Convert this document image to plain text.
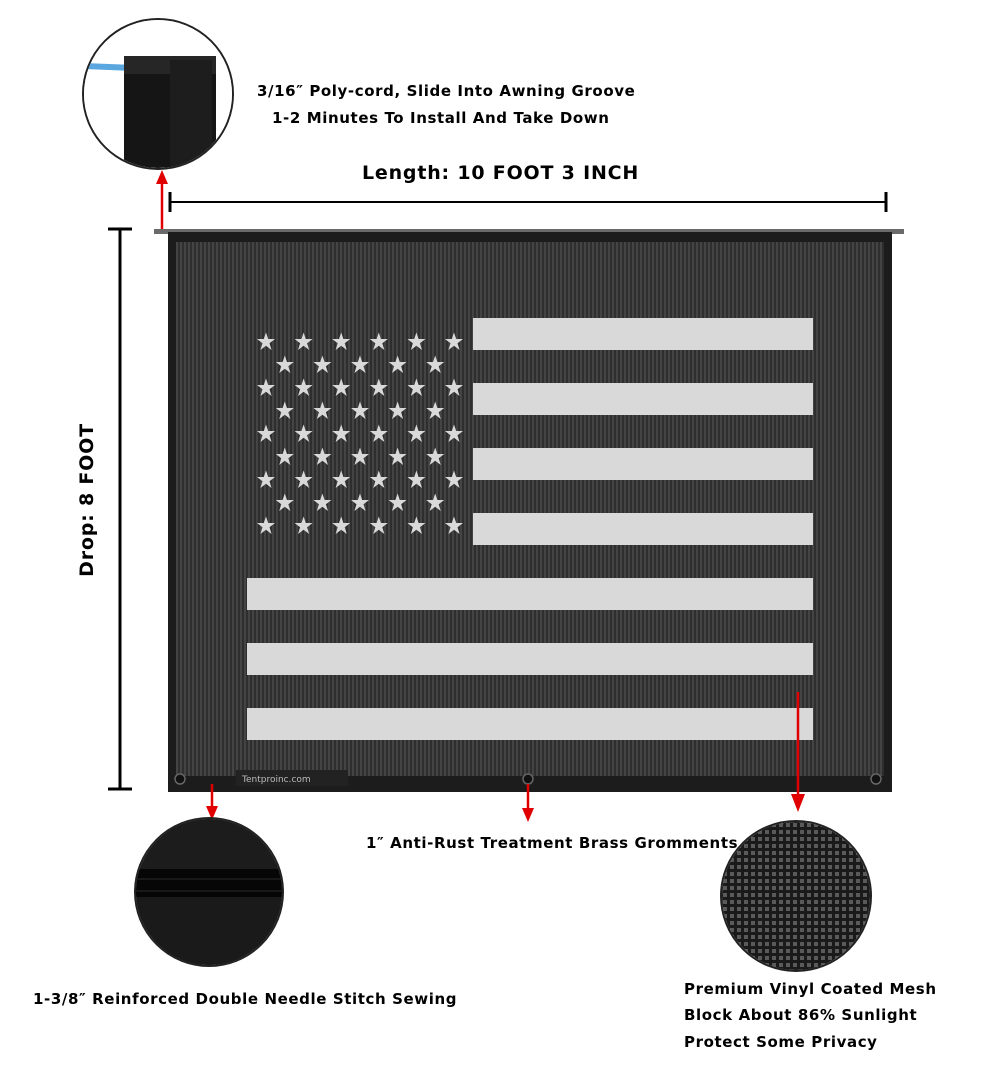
3/16″ Poly-cord, Slide Into Awning Groove
1-2 Minutes To Install And Take Down
Length: 10 FOOT 3 INCH
Drop: 8 FOOT
Tentproinc.com
1″ Anti-Rust Treatment Brass Gromments
1-3/8″ Reinforced Double Needle Stitch Sewing
Premium Vinyl Coated Mesh
Block About 86% Sunlight
Protect Some Privacy
